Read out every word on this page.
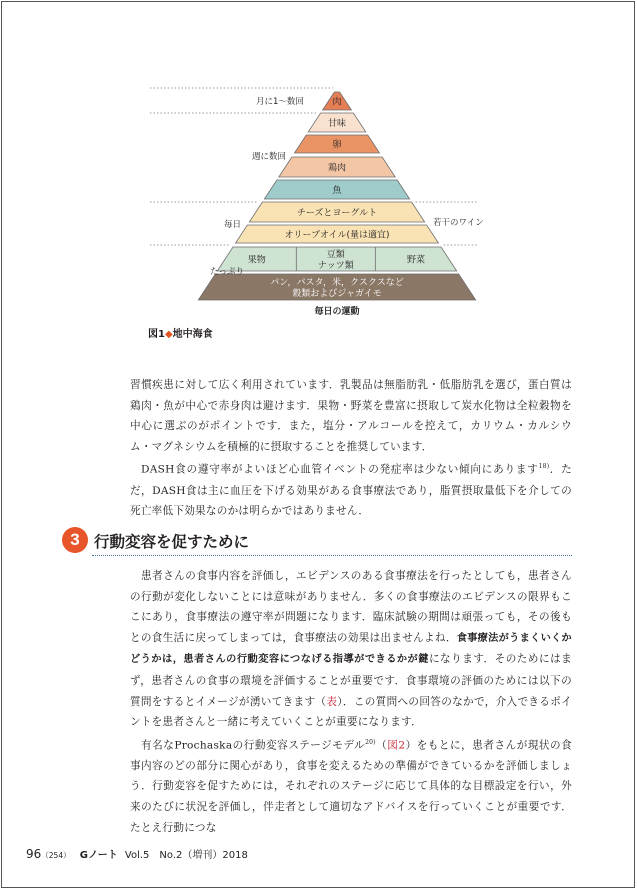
肉
甘味
卵
鶏肉
魚
チーズとヨーグルト
オリーブオイル(量は適宜)
果物
豆類
ナッツ類
野菜
パン，パスタ，米，クスクスなど
穀類およびジャガイモ
月に1〜数回
週に数回
毎日
たっぷり
若干のワイン
毎日の運動
図1◆地中海食

習慣疾患に対して広く利用されています．乳製品は無脂肪乳・低脂肪乳を選び，蛋白質は鶏肉・魚が中心で赤身肉は避けます．果物・野菜を豊富に摂取して炭水化物は全粒穀物を中心に選ぶのがポイントです．また，塩分・アルコールを控えて，カリウム・カルシウム・マグネシウムを積極的に摂取することを推奨しています．

DASH食の遵守率がよいほど心血管イベントの発症率は少ない傾向にあります$^{18)}$．ただ，DASH食は主に血圧を下げる効果がある食事療法であり，脂質摂取量低下を介しての死亡率低下効果なのかは明らかではありません．

3 行動変容を促すために

患者さんの食事内容を評価し，エビデンスのある食事療法を行ったとしても，患者さんの行動が変化しないことには意味がありません．多くの食事療法のエビデンスの限界もここにあり，食事療法の遵守率が問題になります．臨床試験の期間は頑張っても，その後もとの食生活に戻ってしまっては，食事療法の効果は出ませんよね．食事療法がうまくいくかどうかは，患者さんの行動変容につなげる指導ができるかが鍵になります．そのためにはまず，患者さんの食事の環境を評価することが重要です．食事環境の評価のためには以下の質問をするとイメージが湧いてきます（表）．この質問への回答のなかで，介入できるポイントを患者さんと一緒に考えていくことが重要になります．

有名なProchaskaの行動変容ステージモデル$^{20)}$（図2）をもとに，患者さんが現状の食事内容のどの部分に関心があり，食事を変えるための準備ができているかを評価しましょう．行動変容を促すためには，それぞれのステージに応じて具体的な目標設定を行い，外来のたびに状況を評価し，伴走者として適切なアドバイスを行っていくことが重要です．たとえ行動につな

96（254） Gノート Vol.5　No.2（増刊）2018
